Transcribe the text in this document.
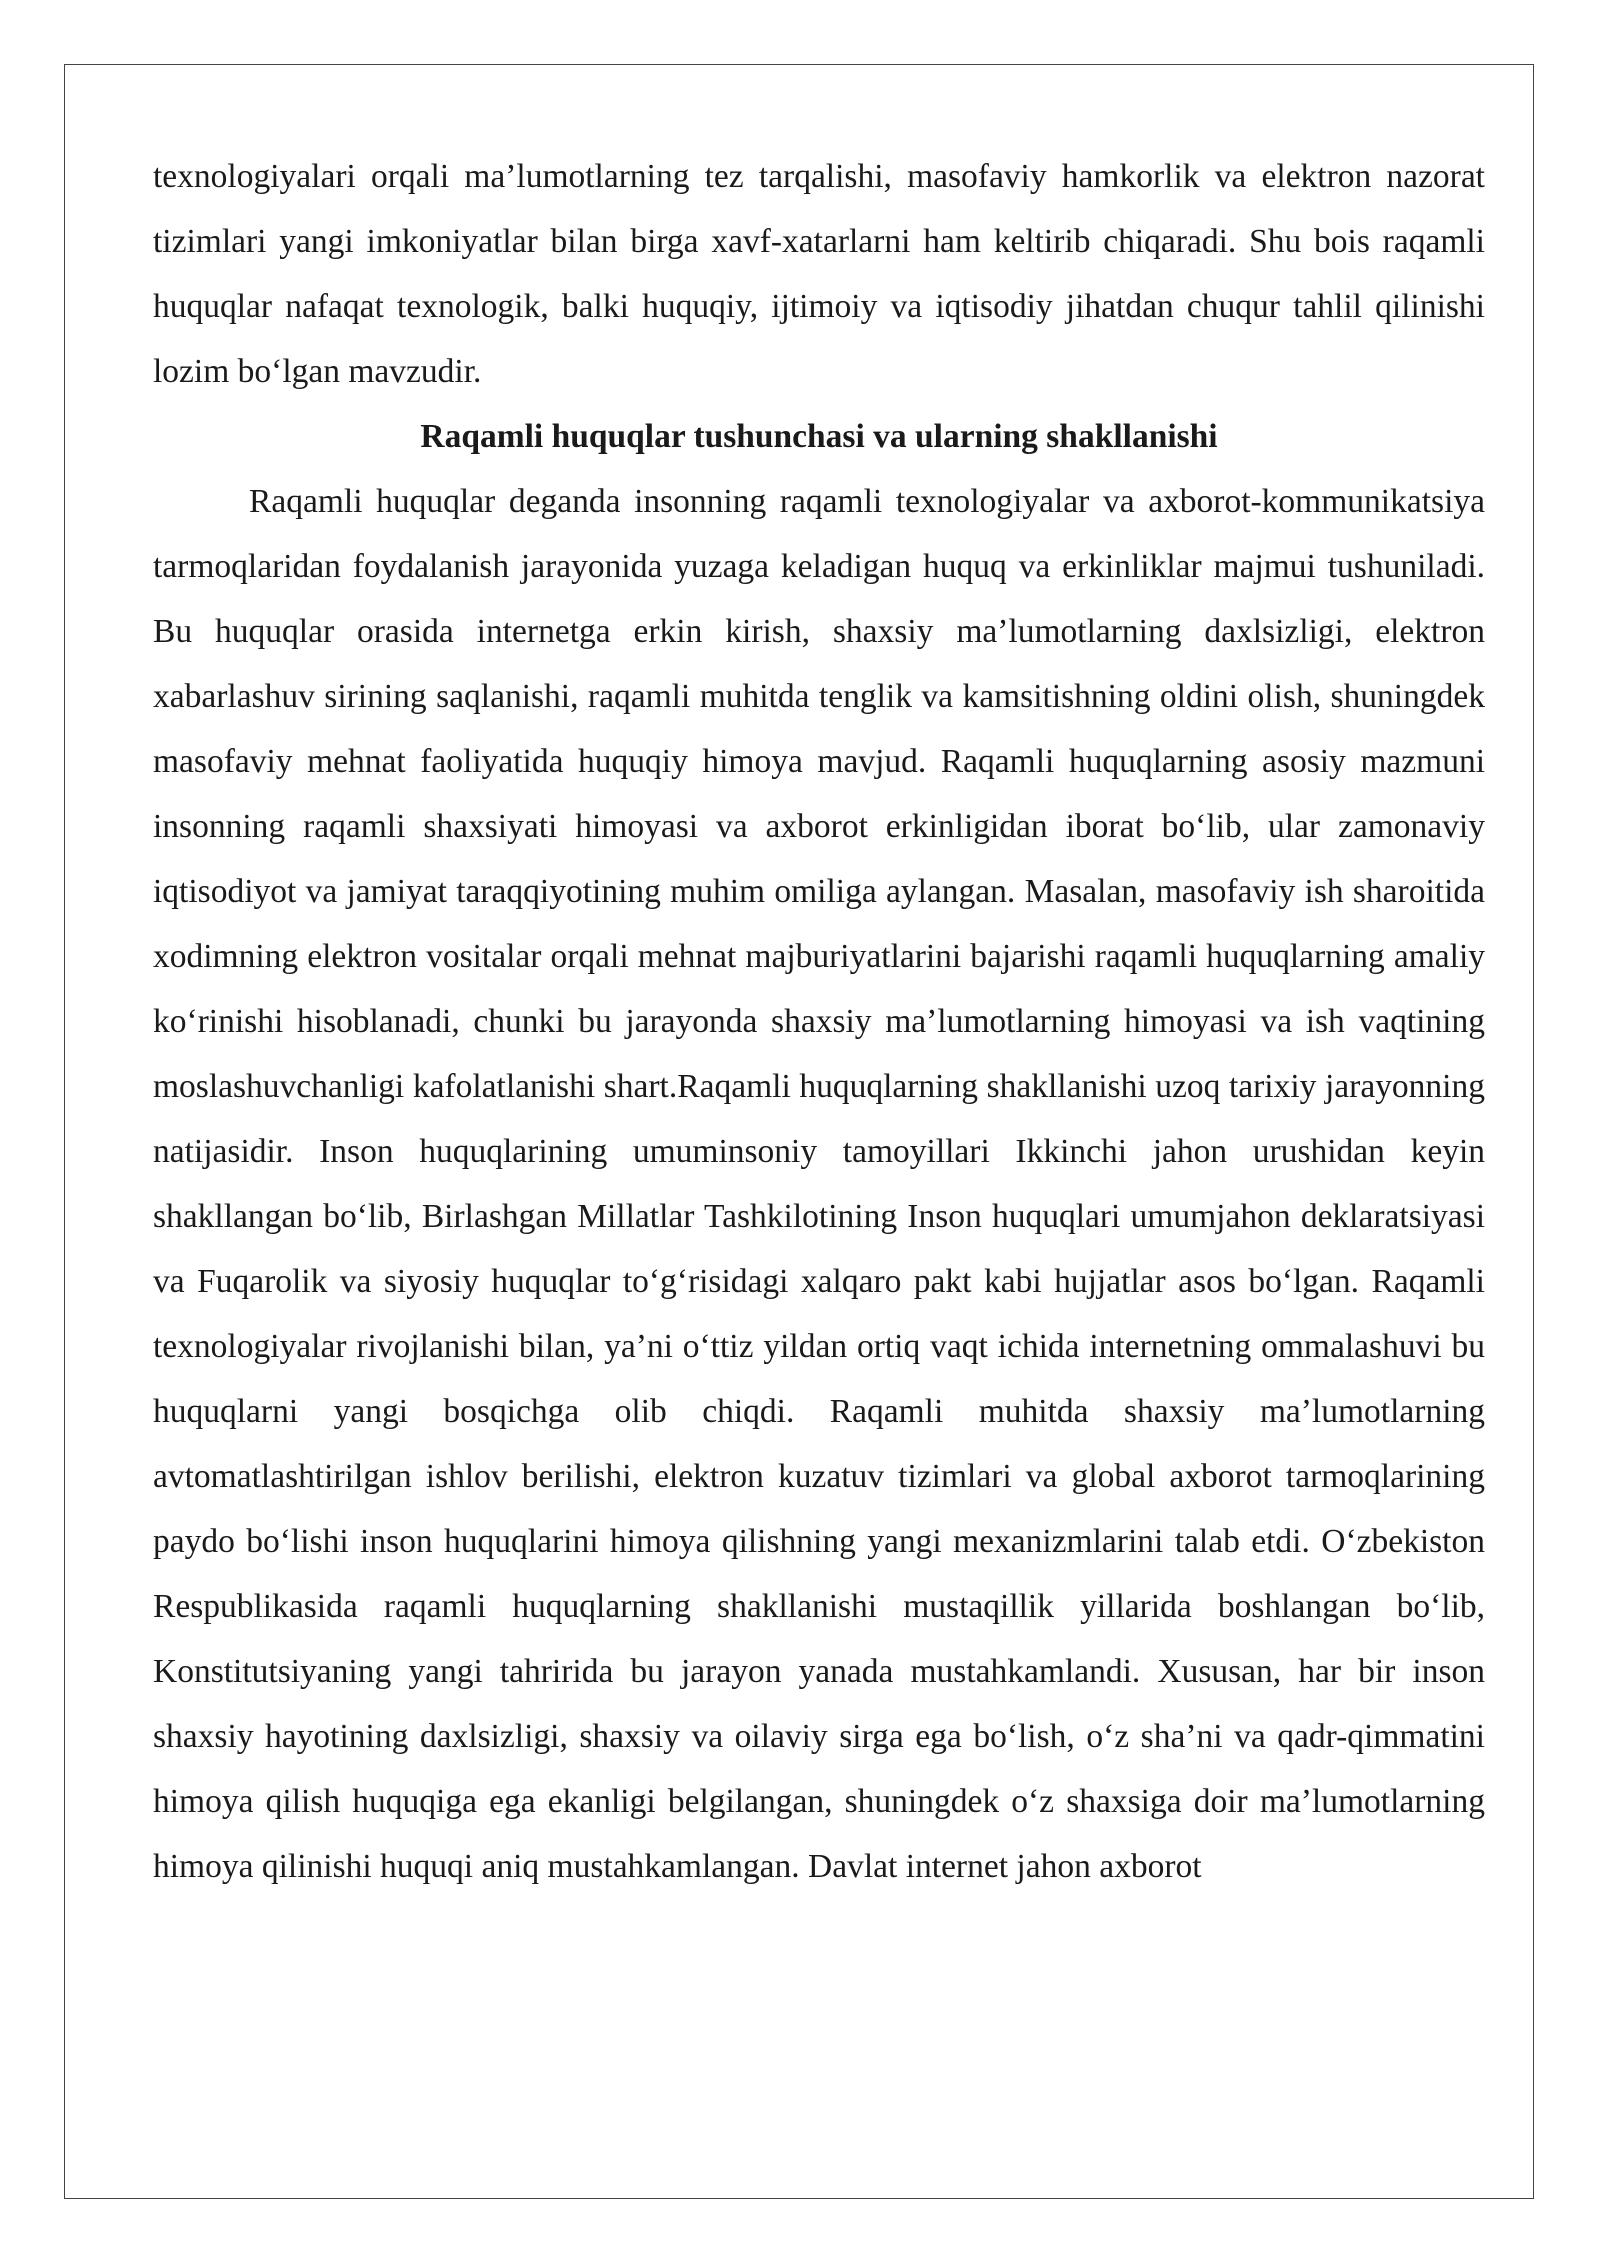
texnologiyalari orqali ma’lumotlarning tez tarqalishi, masofaviy hamkorlik va elektron nazorat tizimlari yangi imkoniyatlar bilan birga xavf-xatarlarni ham keltirib chiqaradi. Shu bois raqamli huquqlar nafaqat texnologik, balki huquqiy, ijtimoiy va iqtisodiy jihatdan chuqur tahlil qilinishi lozim bo‘lgan mavzudir.

Raqamli huquqlar tushunchasi va ularning shakllanishi

Raqamli huquqlar deganda insonning raqamli texnologiyalar va axborot-kommunikatsiya tarmoqlaridan foydalanish jarayonida yuzaga keladigan huquq va erkinliklar majmui tushuniladi. Bu huquqlar orasida internetga erkin kirish, shaxsiy ma’lumotlarning daxlsizligi, elektron xabarlashuv sirining saqlanishi, raqamli muhitda tenglik va kamsitishning oldini olish, shuningdek masofaviy mehnat faoliyatida huquqiy himoya mavjud. Raqamli huquqlarning asosiy mazmuni insonning raqamli shaxsiyati himoyasi va axborot erkinligidan iborat bo‘lib, ular zamonaviy iqtisodiyot va jamiyat taraqqiyotining muhim omiliga aylangan. Masalan, masofaviy ish sharoitida xodimning elektron vositalar orqali mehnat majburiyatlarini bajarishi raqamli huquqlarning amaliy ko‘rinishi hisoblanadi, chunki bu jarayonda shaxsiy ma’lumotlarning himoyasi va ish vaqtining moslashuvchanligi kafolatlanishi shart.Raqamli huquqlarning shakllanishi uzoq tarixiy jarayonning natijasidir. Inson huquqlarining umuminsoniy tamoyillari Ikkinchi jahon urushidan keyin shakllangan bo‘lib, Birlashgan Millatlar Tashkilotining Inson huquqlari umumjahon deklaratsiyasi va Fuqarolik va siyosiy huquqlar to‘g‘risidagi xalqaro pakt kabi hujjatlar asos bo‘lgan. Raqamli texnologiyalar rivojlanishi bilan, ya’ni o‘ttiz yildan ortiq vaqt ichida internetning ommalashuvi bu huquqlarni yangi bosqichga olib chiqdi. Raqamli muhitda shaxsiy ma’lumotlarning avtomatlashtirilgan ishlov berilishi, elektron kuzatuv tizimlari va global axborot tarmoqlarining paydo bo‘lishi inson huquqlarini himoya qilishning yangi mexanizmlarini talab etdi. O‘zbekiston Respublikasida raqamli huquqlarning shakllanishi mustaqillik yillarida boshlangan bo‘lib, Konstitutsiyaning yangi tahririda bu jarayon yanada mustahkamlandi. Xususan, har bir inson shaxsiy hayotining daxlsizligi, shaxsiy va oilaviy sirga ega bo‘lish, o‘z sha’ni va qadr-qimmatini himoya qilish huquqiga ega ekanligi belgilangan, shuningdek o‘z shaxsiga doir ma’lumotlarning himoya qilinishi huquqi aniq mustahkamlangan. Davlat internet jahon axborot
